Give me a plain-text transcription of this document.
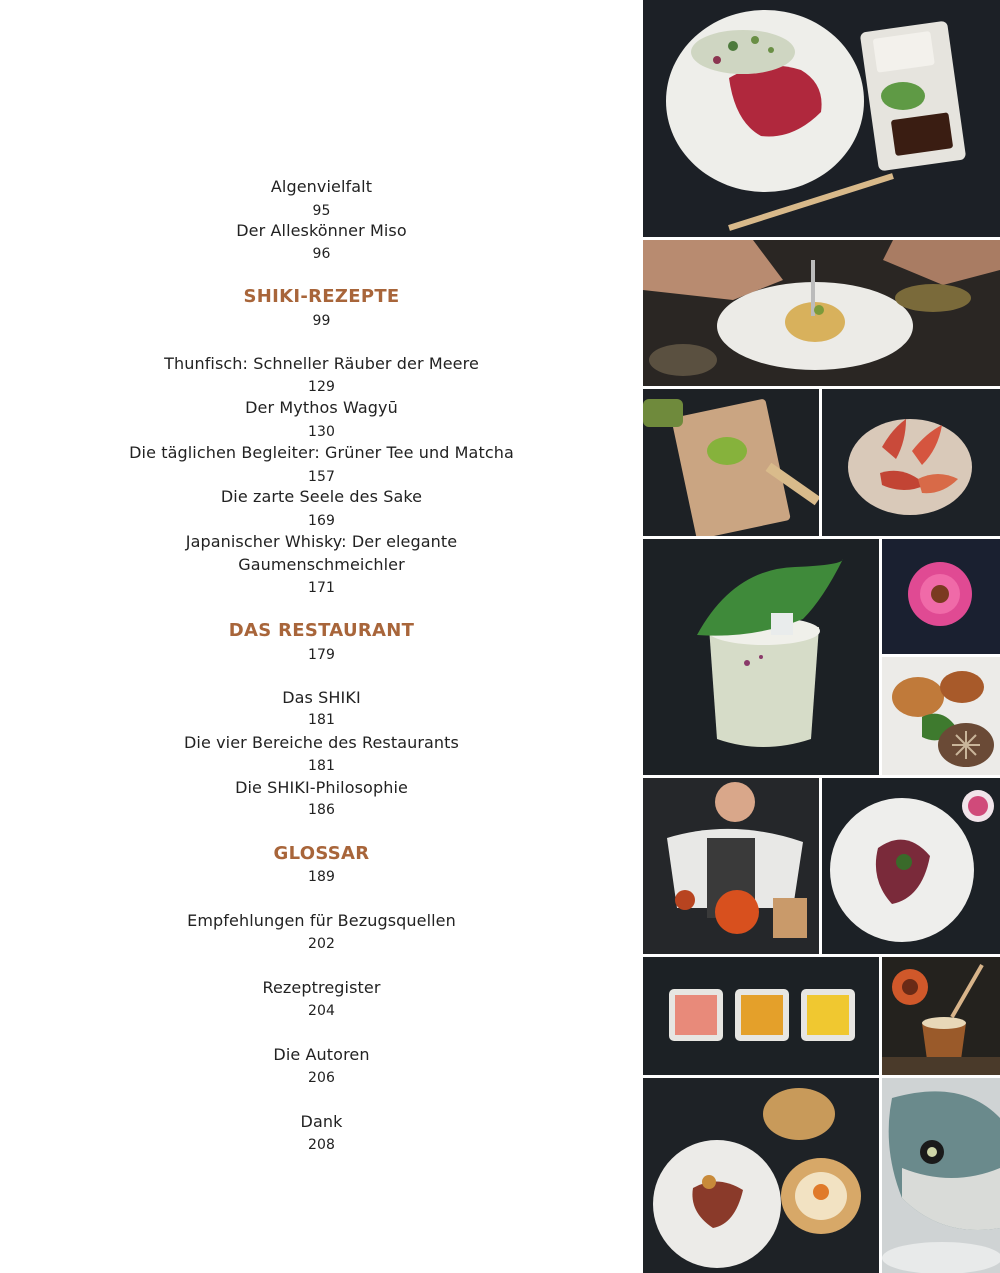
Algenvielfalt
95
Der Alleskönner Miso
96
SHIKI-REZEPTE
99
Thunfisch: Schneller Räuber der Meere
129
Der Mythos Wagyū
130
Die täglichen Begleiter: Grüner Tee und Matcha
157
Die zarte Seele des Sake
169
Japanischer Whisky: Der elegante
Gaumenschmeichler
171
DAS RESTAURANT
179
Das SHIKI
181
Die vier Bereiche des Restaurants
181
Die SHIKI-Philosophie
186
GLOSSAR
189
Empfehlungen für Bezugsquellen
202
Rezeptregister
204
Die Autoren
206
Dank
208
